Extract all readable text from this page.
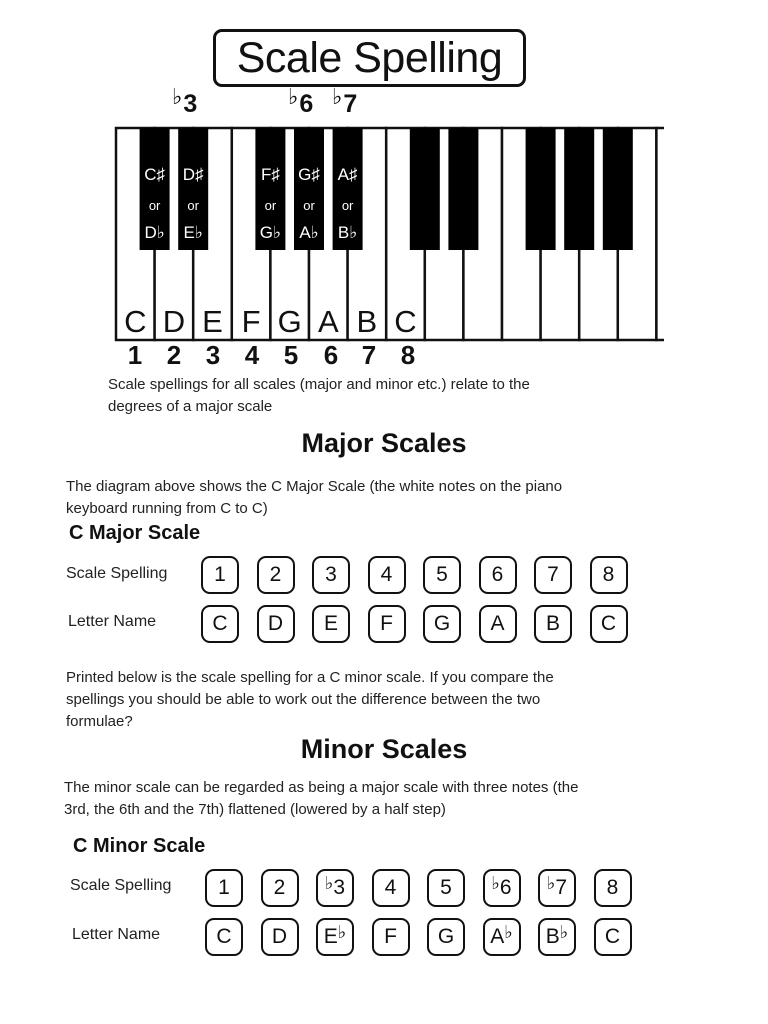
Scale Spelling
♭3	♭6 ♭7
C D E F G A B C
C♯
or
D♭
D♯
or
E♭
F♯
or
G♭
G♯
or
A♭
A♯
or
B♭
1 2 3 4 5 6 7 8
Scale spellings for all scales (major and minor etc.) relate to the
degrees of a major scale
Major Scales
The diagram above shows the C Major Scale (the white notes on the piano
keyboard running from C to C)
C Major Scale
Scale Spelling
Letter Name
1 2 3 4 5 6 7 8
C D E F G A B C
Printed below is the scale spelling for a C minor scale. If you compare the
spellings you should be able to work out the difference between the two
formulae?
Minor Scales
The minor scale can be regarded as being a major scale with three notes (the
3rd, the 6th and the 7th) flattened (lowered by a half step)
C Minor Scale
Scale Spelling
Letter Name
1 2 ♭ 3 4 5 ♭ 6 ♭ 7 8
C D E ♭ F G A ♭ B ♭ C
